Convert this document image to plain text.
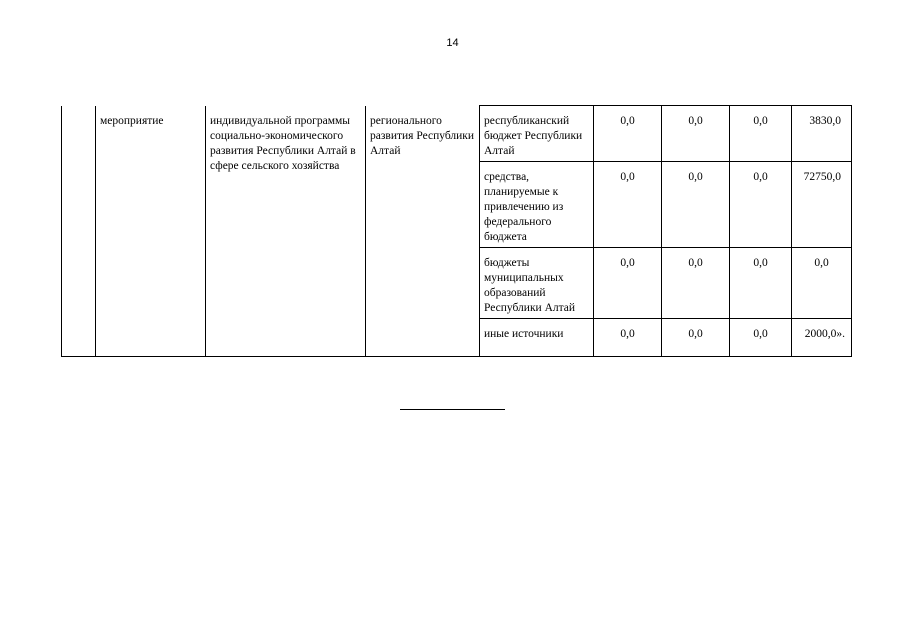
14
	мероприятие	индивидуальной программы социально-экономического развития Республики Алтай в сфере сельского хозяйства	регионального развития Республики Алтай	республиканский бюджет Республики Алтай	0,0	0,0	0,0	3830,0
				средства, планируемые к привлечению из федерального бюджета	0,0	0,0	0,0	72750,0
				бюджеты муниципальных образований Республики Алтай	0,0	0,0	0,0	0,0
				иные источники	0,0	0,0	0,0	2000,0».
